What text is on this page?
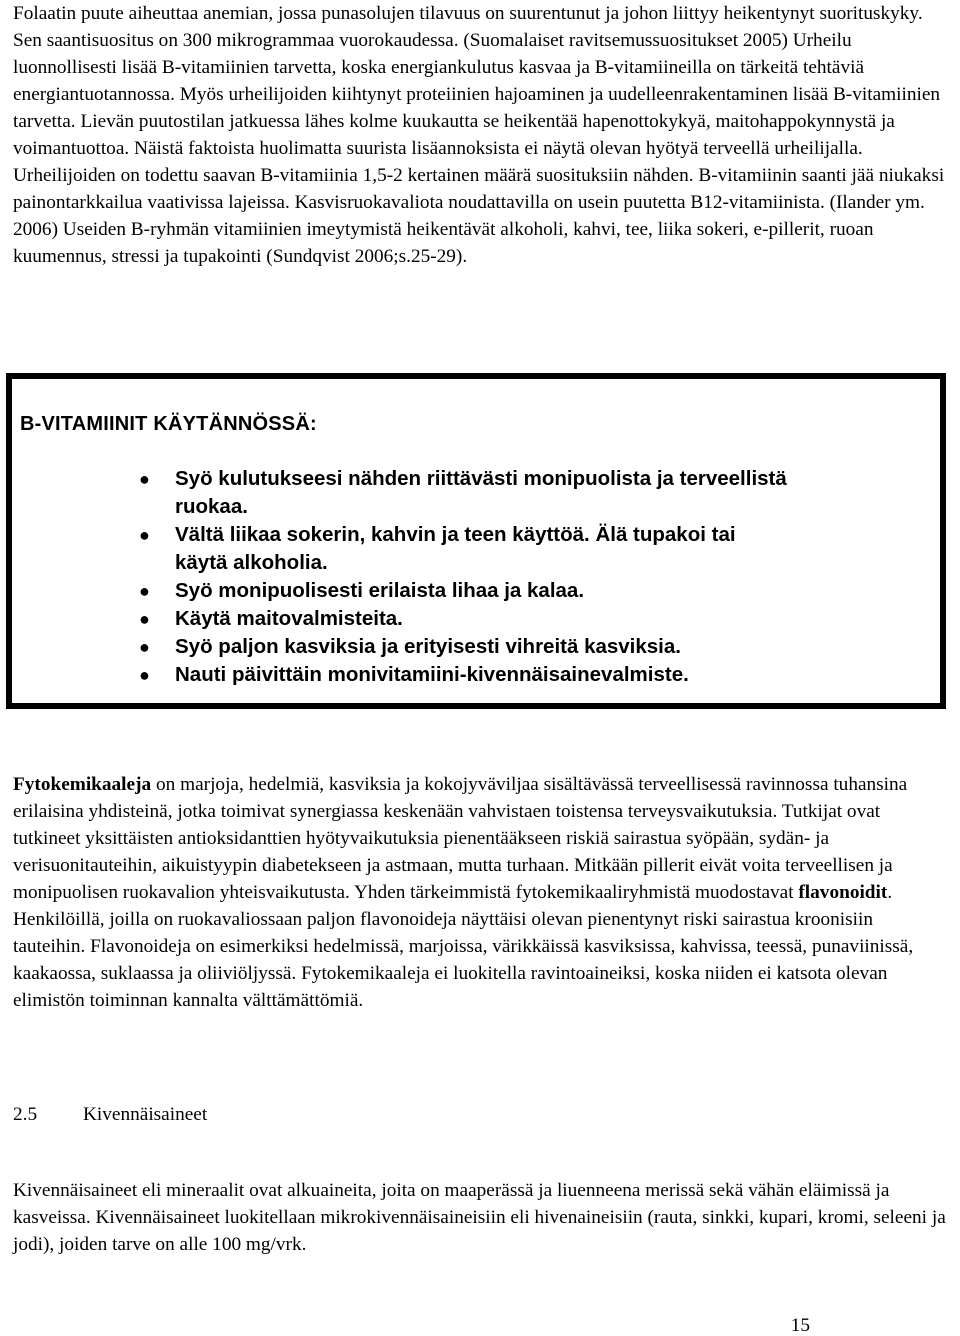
Folaatin puute aiheuttaa anemian, jossa punasolujen tilavuus on suurentunut ja johon liittyy heikentynyt suorituskyky. Sen saantisuositus on 300 mikrogrammaa vuorokaudessa. (Suomalaiset ravitsemussuositukset 2005) Urheilu luonnollisesti lisää B-vitamiinien tarvetta, koska energiankulutus kasvaa ja B-vitamiineilla on tärkeitä tehtäviä energiantuotannossa. Myös urheilijoiden kiihtynyt proteiinien hajoaminen ja uudelleenrakentaminen lisää B-vitamiinien tarvetta. Lievän puutostilan jatkuessa lähes kolme kuukautta se heikentää hapenottokykyä, maitohappokynnystä ja voimantuottoa. Näistä faktoista huolimatta suurista lisäannoksista ei näytä olevan hyötyä terveellä urheilijalla. Urheilijoiden on todettu saavan B-vitamiinia 1,5-2 kertainen määrä suosituksiin nähden. B-vitamiinin saanti jää niukaksi painontarkkailua vaativissa lajeissa. Kasvisruokavaliota noudattavilla on usein puutetta B12-vitamiinista. (Ilander ym. 2006) Useiden B-ryhmän vitamiinien imeytymistä heikentävät alkoholi, kahvi, tee, liika sokeri, e-pillerit, ruoan kuumennus, stressi ja tupakointi (Sundqvist 2006;s.25-29).

B-VITAMIINIT KÄYTÄNNÖSSÄ:

● Syö kulutukseesi nähden riittävästi monipuolista ja terveellistä ruokaa.
● Vältä liikaa sokerin, kahvin ja teen käyttöä. Älä tupakoi tai käytä alkoholia.
● Syö monipuolisesti erilaista lihaa ja kalaa.
● Käytä maitovalmisteita.
● Syö paljon kasviksia ja erityisesti vihreitä kasviksia.
● Nauti päivittäin monivitamiini-kivennäisainevalmiste.

Fytokemikaaleja on marjoja, hedelmiä, kasviksia ja kokojyväviljaa sisältävässä terveellisessä ravinnossa tuhansina erilaisina yhdisteinä, jotka toimivat synergiassa keskenään vahvistaen toistensa terveysvaikutuksia. Tutkijat ovat tutkineet yksittäisten antioksidanttien hyötyvaikutuksia pienentääkseen riskiä sairastua syöpään, sydän- ja verisuonitauteihin, aikuistyypin diabetekseen ja astmaan, mutta turhaan. Mitkään pillerit eivät voita terveellisen ja monipuolisen ruokavalion yhteisvaikutusta. Yhden tärkeimmistä fytokemikaaliryhmistä muodostavat flavonoidit. Henkilöillä, joilla on ruokavaliossaan paljon flavonoideja näyttäisi olevan pienentynyt riski sairastua kroonisiin tauteihin. Flavonoideja on esimerkiksi hedelmissä, marjoissa, värikkäissä kasviksissa, kahvissa, teessä, punaviinissä, kaakaossa, suklaassa ja oliiviöljyssä. Fytokemikaaleja ei luokitella ravintoaineiksi, koska niiden ei katsota olevan elimistön toiminnan kannalta välttämättömiä.

2.5 Kivennäisaineet

Kivennäisaineet eli mineraalit ovat alkuaineita, joita on maaperässä ja liuenneena merissä sekä vähän eläimissä ja kasveissa. Kivennäisaineet luokitellaan mikrokivennäisaineisiin eli hivenaineisiin (rauta, sinkki, kupari, kromi, seleeni ja jodi), joiden tarve on alle 100 mg/vrk.

15
